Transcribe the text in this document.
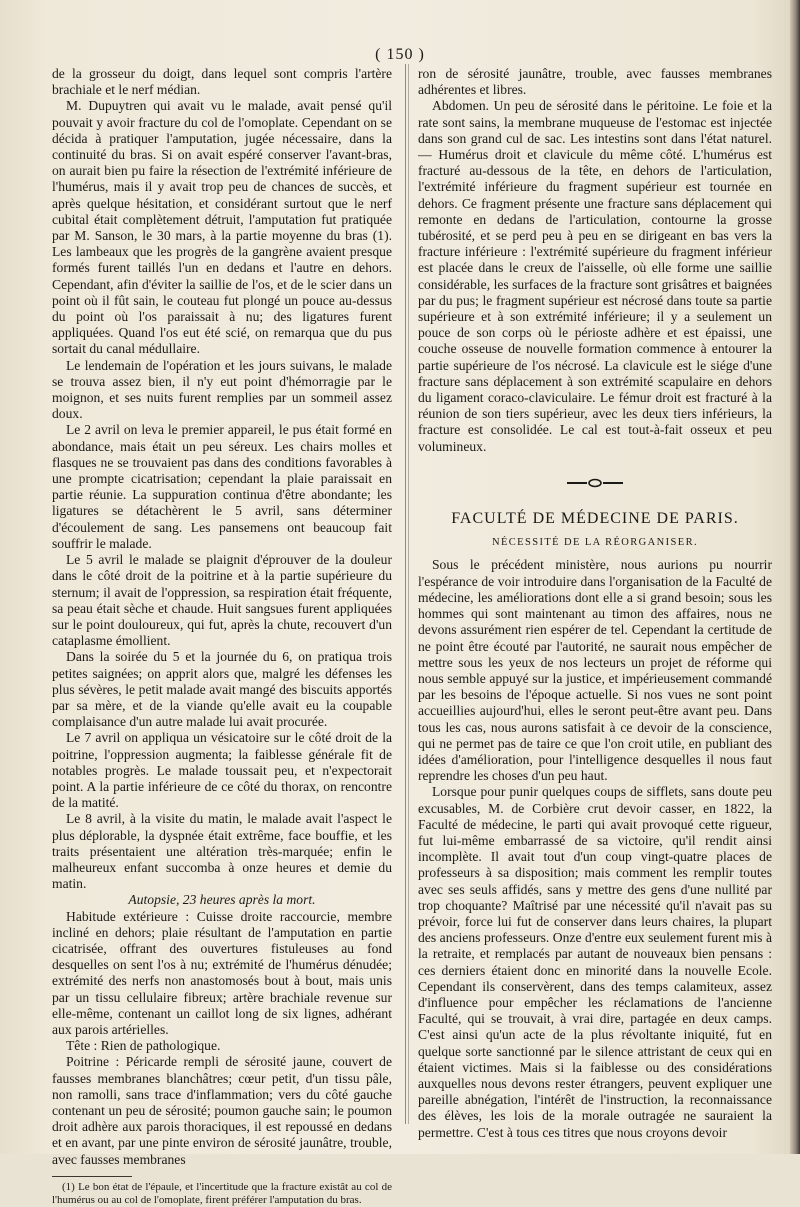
( 150 )

de la grosseur du doigt, dans lequel sont compris l'artère brachiale et le nerf médian.

M. Dupuytren qui avait vu le malade, avait pensé qu'il pouvait y avoir fracture du col de l'omoplate. Cependant on se décida à pratiquer l'amputation, jugée nécessaire, dans la continuité du bras. Si on avait espéré conserver l'avant-bras, on aurait bien pu faire la résection de l'extrémité inférieure de l'humérus, mais il y avait trop peu de chances de succès, et après quelque hésitation, et considérant surtout que le nerf cubital était complètement détruit, l'amputation fut pratiquée par M. Sanson, le 30 mars, à la partie moyenne du bras (1). Les lambeaux que les progrès de la gangrène avaient presque formés furent taillés l'un en dedans et l'autre en dehors. Cependant, afin d'éviter la saillie de l'os, et de le scier dans un point où il fût sain, le couteau fut plongé un pouce au-dessus du point où l'os paraissait à nu; des ligatures furent appliquées. Quand l'os eut été scié, on remarqua que du pus sortait du canal médullaire.

Le lendemain de l'opération et les jours suivans, le malade se trouva assez bien, il n'y eut point d'hémorragie par le moignon, et ses nuits furent remplies par un sommeil assez doux.

Le 2 avril on leva le premier appareil, le pus était formé en abondance, mais était un peu séreux. Les chairs molles et flasques ne se trouvaient pas dans des conditions favorables à une prompte cicatrisation; cependant la plaie paraissait en partie réunie. La suppuration continua d'être abondante; les ligatures se détachèrent le 5 avril, sans déterminer d'écoulement de sang. Les pansemens ont beaucoup fait souffrir le malade.

Le 5 avril le malade se plaignit d'éprouver de la douleur dans le côté droit de la poitrine et à la partie supérieure du sternum; il avait de l'oppression, sa respiration était fréquente, sa peau était sèche et chaude. Huit sangsues furent appliquées sur le point douloureux, qui fut, après la chute, recouvert d'un cataplasme émollient.

Dans la soirée du 5 et la journée du 6, on pratiqua trois petites saignées; on apprit alors que, malgré les défenses les plus sévères, le petit malade avait mangé des biscuits apportés par sa mère, et de la viande qu'elle avait eu la coupable complaisance d'un autre malade lui avait procurée.

Le 7 avril on appliqua un vésicatoire sur le côté droit de la poitrine, l'oppression augmenta; la faiblesse générale fit de notables progrès. Le malade toussait peu, et n'expectorait point. A la partie inférieure de ce côté du thorax, on rencontre de la matité.

Le 8 avril, à la visite du matin, le malade avait l'aspect le plus déplorable, la dyspnée était extrême, face bouffie, et les traits présentaient une altération très-marquée; enfin le malheureux enfant succomba à onze heures et demie du matin.

Autopsie, 23 heures après la mort.

Habitude extérieure : Cuisse droite raccourcie, membre incliné en dehors; plaie résultant de l'amputation en partie cicatrisée, offrant des ouvertures fistuleuses au fond desquelles on sent l'os à nu; extrémité de l'humérus dénudée; extrémité des nerfs non anastomosés bout à bout, mais unis par un tissu cellulaire fibreux; artère brachiale revenue sur elle-même, contenant un caillot long de six lignes, adhérant aux parois artérielles.

Tête : Rien de pathologique.

Poitrine : Péricarde rempli de sérosité jaune, couvert de fausses membranes blanchâtres; cœur petit, d'un tissu pâle, non ramolli, sans trace d'inflammation; vers du côté gauche contenant un peu de sérosité; poumon gauche sain; le poumon droit adhère aux parois thoraciques, il est repoussé en dedans et en avant, par une pinte environ de sérosité jaunâtre, trouble, avec fausses membranes

(1) Le bon état de l'épaule, et l'incertitude que la fracture existât au col de l'humérus ou au col de l'omoplate, firent préférer l'amputation du bras.

ron de sérosité jaunâtre, trouble, avec fausses membranes adhérentes et libres.

Abdomen. Un peu de sérosité dans le péritoine. Le foie et la rate sont sains, la membrane muqueuse de l'estomac est injectée dans son grand cul de sac. Les intestins sont dans l'état naturel. — Humérus droit et clavicule du même côté. L'humérus est fracturé au-dessous de la tête, en dehors de l'articulation, l'extrémité inférieure du fragment supérieur est tournée en dehors. Ce fragment présente une fracture sans déplacement qui remonte en dedans de l'articulation, contourne la grosse tubérosité, et se perd peu à peu en se dirigeant en bas vers la fracture inférieure : l'extrémité supérieure du fragment inférieur est placée dans le creux de l'aisselle, où elle forme une saillie considérable, les surfaces de la fracture sont grisâtres et baignées par du pus; le fragment supérieur est nécrosé dans toute sa partie supérieure et à son extrémité inférieure; il y a seulement un pouce de son corps où le périoste adhère et est épaissi, une couche osseuse de nouvelle formation commence à entourer la partie supérieure de l'os nécrosé. La clavicule est le siége d'une fracture sans déplacement à son extrémité scapulaire en dehors du ligament coraco-claviculaire. Le fémur droit est fracturé à la réunion de son tiers supérieur, avec les deux tiers inférieurs, la fracture est consolidée. Le cal est tout-à-fait osseux et peu volumineux.

FACULTÉ DE MÉDECINE DE PARIS.
NÉCESSITÉ DE LA RÉORGANISER.

Sous le précédent ministère, nous aurions pu nourrir l'espérance de voir introduire dans l'organisation de la Faculté de médecine, les améliorations dont elle a si grand besoin; sous les hommes qui sont maintenant au timon des affaires, nous ne devons assurément rien espérer de tel. Cependant la certitude de ne point être écouté par l'autorité, ne saurait nous empêcher de mettre sous les yeux de nos lecteurs un projet de réforme qui nous semble appuyé sur la justice, et impérieusement commandé par les besoins de l'époque actuelle. Si nos vues ne sont point accueillies aujourd'hui, elles le seront peut-être avant peu. Dans tous les cas, nous aurons satisfait à ce devoir de la conscience, qui ne permet pas de taire ce que l'on croit utile, en publiant des idées d'amélioration, pour l'intelligence desquelles il nous faut reprendre les choses d'un peu haut.

Lorsque pour punir quelques coups de sifflets, sans doute peu excusables, M. de Corbière crut devoir casser, en 1822, la Faculté de médecine, le parti qui avait provoqué cette rigueur, fut lui-même embarrassé de sa victoire, qu'il rendit ainsi incomplète. Il avait tout d'un coup vingt-quatre places de professeurs à sa disposition; mais comment les remplir toutes avec ses seuls affidés, sans y mettre des gens d'une nullité par trop choquante? Maîtrisé par une nécessité qu'il n'avait pas su prévoir, force lui fut de conserver dans leurs chaires, la plupart des anciens professeurs. Onze d'entre eux seulement furent mis à la retraite, et remplacés par autant de nouveaux bien pensans : ces derniers étaient donc en minorité dans la nouvelle Ecole. Cependant ils conservèrent, dans des temps calamiteux, assez d'influence pour empêcher les réclamations de l'ancienne Faculté, qui se trouvait, à vrai dire, partagée en deux camps. C'est ainsi qu'un acte de la plus révoltante iniquité, fut en quelque sorte sanctionné par le silence attristant de ceux qui en étaient victimes. Mais si la faiblesse ou des considérations auxquelles nous devons rester étrangers, peuvent expliquer une pareille abnégation, l'intérêt de l'instruction, la reconnaissance des élèves, les lois de la morale outragée ne sauraient la permettre. C'est à tous ces titres que nous croyons devoir
